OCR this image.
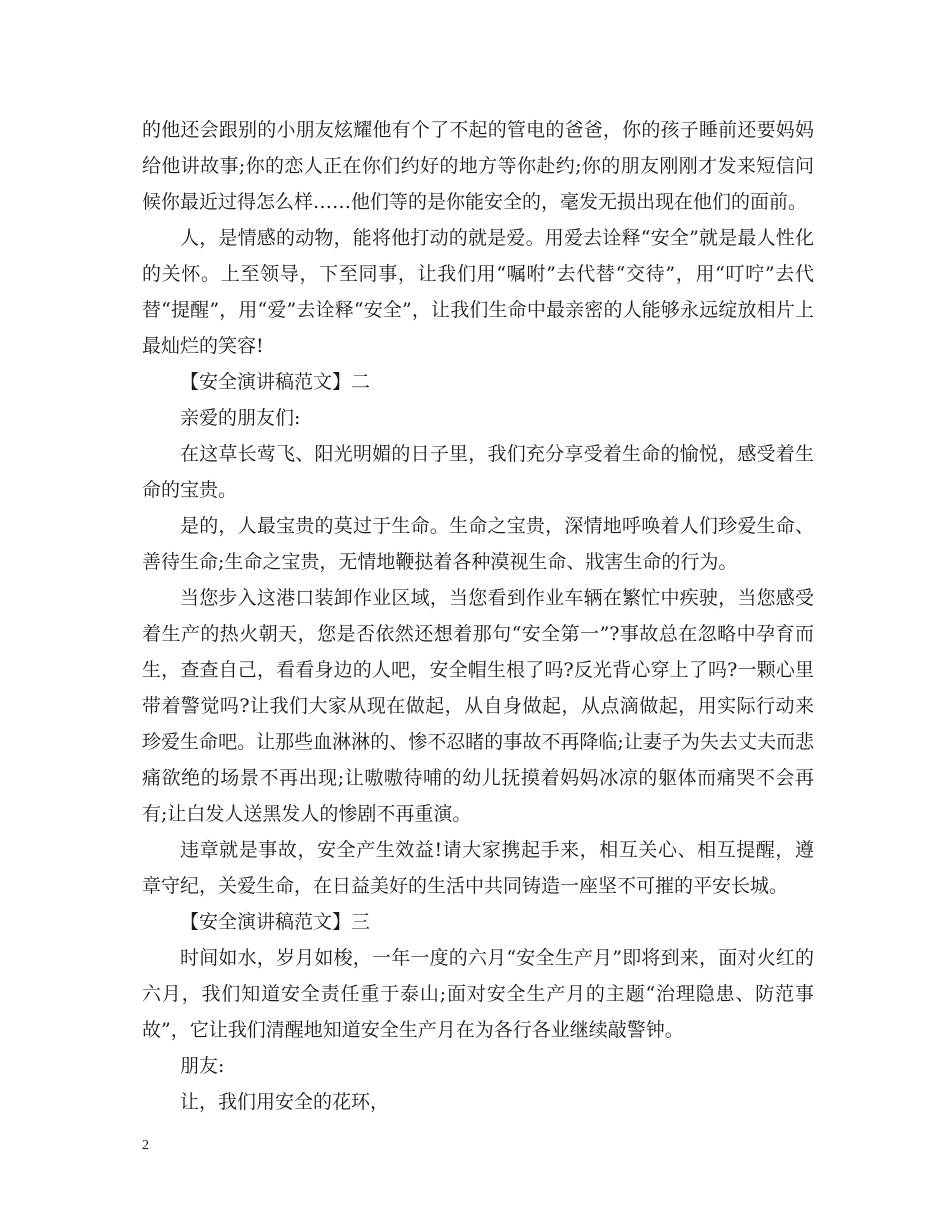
的他还会跟别的小朋友炫耀他有个了不起的管电的爸爸，你的孩子睡前还要妈妈给他讲故事;你的恋人正在你们约好的地方等你赴约;你的朋友刚刚才发来短信问候你最近过得怎么样……他们等的是你能安全的，毫发无损出现在他们的面前。

人，是情感的动物，能将他打动的就是爱。用爱去诠释“安全”就是最人性化的关怀。上至领导，下至同事，让我们用“嘱咐”去代替“交待”，用“叮咛”去代替“提醒”，用“爱”去诠释“安全”，让我们生命中最亲密的人能够永远绽放相片上最灿烂的笑容!

【安全演讲稿范文】二

亲爱的朋友们:

在这草长莺飞、阳光明媚的日子里，我们充分享受着生命的愉悦，感受着生命的宝贵。

是的，人最宝贵的莫过于生命。生命之宝贵，深情地呼唤着人们珍爱生命、善待生命;生命之宝贵，无情地鞭挞着各种漠视生命、戕害生命的行为。

当您步入这港口装卸作业区域，当您看到作业车辆在繁忙中疾驶，当您感受着生产的热火朝天，您是否依然还想着那句“安全第一”?事故总在忽略中孕育而生，查查自己，看看身边的人吧，安全帽生根了吗?反光背心穿上了吗?一颗心里带着警觉吗?让我们大家从现在做起，从自身做起，从点滴做起，用实际行动来珍爱生命吧。让那些血淋淋的、惨不忍睹的事故不再降临;让妻子为失去丈夫而悲痛欲绝的场景不再出现;让嗷嗷待哺的幼儿抚摸着妈妈冰凉的躯体而痛哭不会再有;让白发人送黑发人的惨剧不再重演。

违章就是事故，安全产生效益!请大家携起手来，相互关心、相互提醒，遵章守纪，关爱生命，在日益美好的生活中共同铸造一座坚不可摧的平安长城。

【安全演讲稿范文】三

时间如水，岁月如梭，一年一度的六月“安全生产月”即将到来，面对火红的六月，我们知道安全责任重于泰山;面对安全生产月的主题“治理隐患、防范事故”，它让我们清醒地知道安全生产月在为各行各业继续敲警钟。

朋友:

让，我们用安全的花环，

2
